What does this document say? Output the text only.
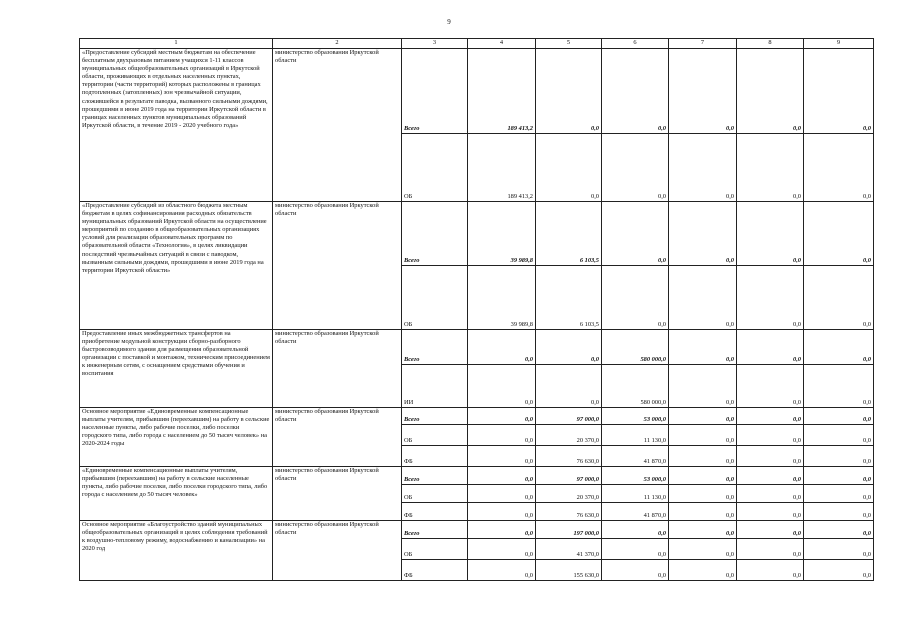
9
1	2	3	4	5	6	7	8	9
«Предоставление субсидий местным бюджетам на обеспечение бесплатным двухразовым питанием учащихся 1-11 классов муниципальных общеобразовательных организаций в Иркутской области, проживающих в отдельных населенных пунктах, территории (части территорий) которых расположены в границах подтопленных (затопленных) зон чрезвычайной ситуации, сложившейся в результате паводка, вызванного сильными дождями, прошедшими в июне 2019 года на территории Иркутской области в границах населенных пунктов муниципальных образований Иркутской области, в течение 2019 - 2020 учебного года»	министерство образования Иркутской области	Всего	189 413,2	0,0	0,0	0,0	0,0	0,0
		ОБ	189 413,2	0,0	0,0	0,0	0,0	0,0
«Предоставление субсидий из областного бюджета местным бюджетам в целях софинансирования расходных обязательств муниципальных образований Иркутской области на осуществление мероприятий по созданию в общеобразовательных организациях условий для реализации образовательных программ по образовательной области «Технология», в целях ликвидации последствий чрезвычайных ситуаций в связи с паводком, вызванным сильными дождями, прошедшими в июне 2019 года на территории Иркутской области»	министерство образования Иркутской области	Всего	39 989,8	6 103,5	0,0	0,0	0,0	0,0
		ОБ	39 989,8	6 103,5	0,0	0,0	0,0	0,0
Предоставление иных межбюджетных трансфертов на приобретение модульной конструкции сборно-разборного быстровозводимого здания для размещения образовательной организации с поставкой и монтажом, техническим присоединением к инженерным сетям, с оснащением средствами обучения и воспитания	министерство образования Иркутской области	Всего	0,0	0,0	580 000,0	0,0	0,0	0,0
		ИИ	0,0	0,0	580 000,0	0,0	0,0	0,0
Основное мероприятие «Единовременные компенсационные выплаты учителям, прибывшим (переехавшим) на работу в сельские населенные пункты, либо рабочие поселки, либо поселки городского типа, либо города с населением до 50 тысяч человек» на 2020-2024 годы	министерство образования Иркутской области	Всего	0,0	97 000,0	53 000,0	0,0	0,0	0,0
		ОБ	0,0	20 370,0	11 130,0	0,0	0,0	0,0
		ФБ	0,0	76 630,0	41 870,0	0,0	0,0	0,0
«Единовременные компенсационные выплаты учителям, прибывшим (переехавшим) на работу в сельские населенные пункты, либо рабочие поселки, либо поселки городского типа, либо города с населением до 50 тысяч человек»	министерство образования Иркутской области	Всего	0,0	97 000,0	53 000,0	0,0	0,0	0,0
		ОБ	0,0	20 370,0	11 130,0	0,0	0,0	0,0
		ФБ	0,0	76 630,0	41 870,0	0,0	0,0	0,0
Основное мероприятие «Благоустройство зданий муниципальных общеобразовательных организаций в целях соблюдения требований к воздушно-тепловому режиму, водоснабжению и канализации» на 2020 год	министерство образования Иркутской области	Всего	0,0	197 000,0	0,0	0,0	0,0	0,0
		ОБ	0,0	41 370,0	0,0	0,0	0,0	0,0
		ФБ	0,0	155 630,0	0,0	0,0	0,0	0,0
